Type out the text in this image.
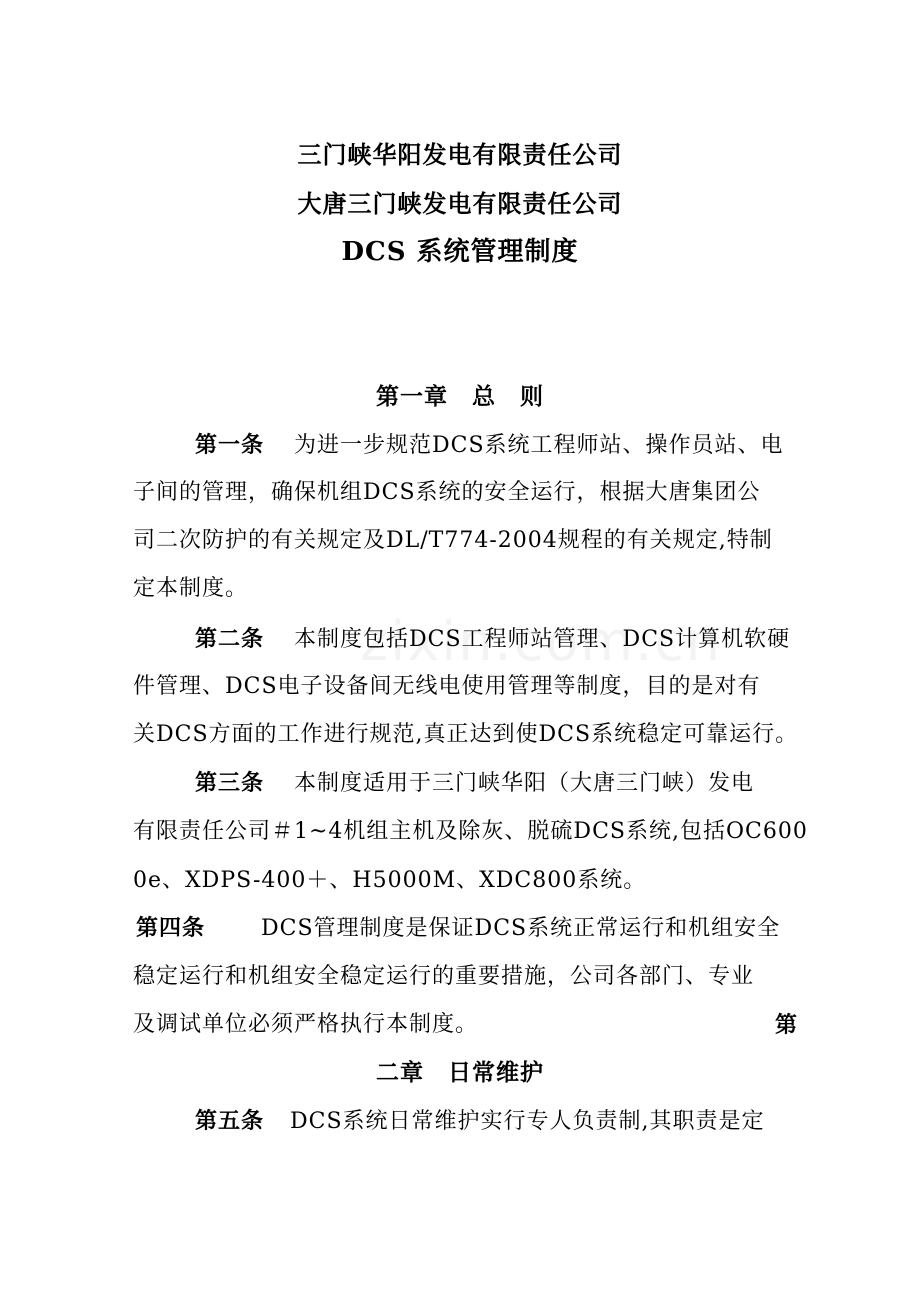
三门峡华阳发电有限责任公司
大唐三门峡发电有限责任公司
DCS 系统管理制度
第一章　总　则
第一条 为进一步规范DCS系统工程师站、操作员站、电
子间的管理，确保机组DCS系统的安全运行，根据大唐集团公
司二次防护的有关规定及DL/T774-2004规程的有关规定,特制
定本制度。
第二条 本制度包括DCS工程师站管理、DCS计算机软硬
件管理、DCS电子设备间无线电使用管理等制度，目的是对有
关DCS方面的工作进行规范,真正达到使DCS系统稳定可靠运行。
第三条 本制度适用于三门峡华阳（大唐三门峡）发电
有限责任公司＃1~4机组主机及除灰、脱硫DCS系统,包括OC600
0e、XDPS-400＋、H5000M、XDC800系统。
第四条	DCS管理制度是保证DCS系统正常运行和机组安全
稳定运行和机组安全稳定运行的重要措施，公司各部门、专业
及调试单位必须严格执行本制度。	第
二章　日常维护
第五条 DCS系统日常维护实行专人负责制,其职责是定
